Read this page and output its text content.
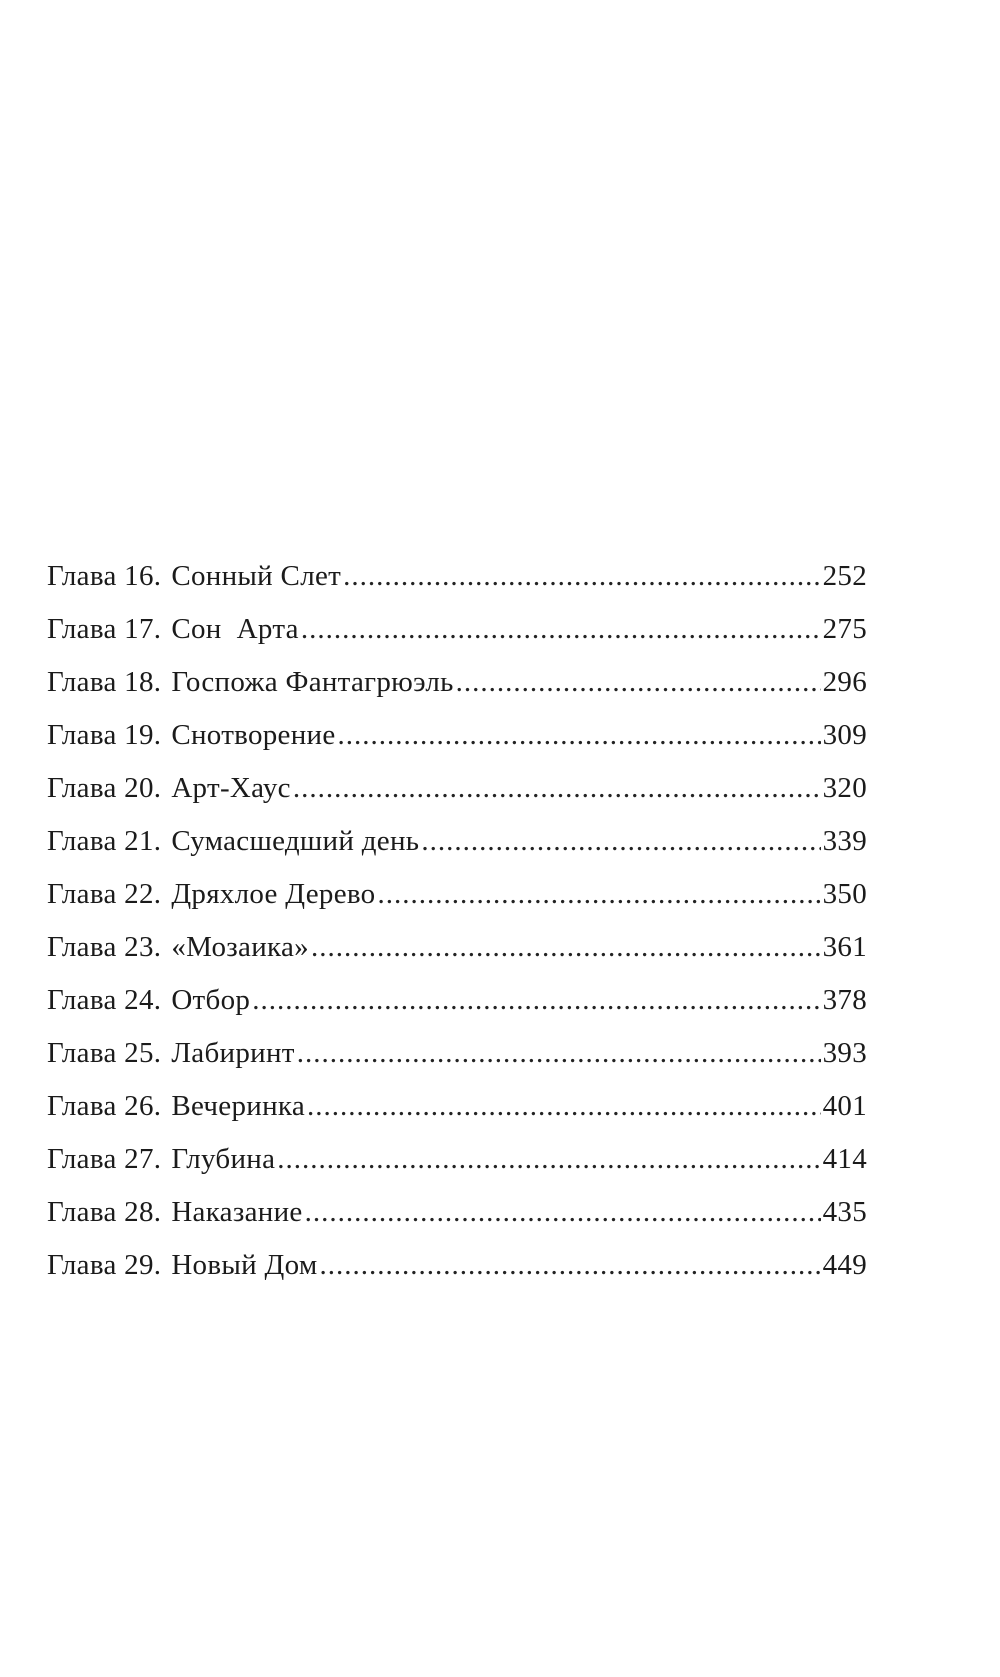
Глава 16. Сонный Слет .....	252
Глава 17. Сон  Арта .....	275
Глава 18. Госпожа Фантагрюэль .....	296
Глава 19. Снотворение .....	309
Глава 20. Арт-Хаус .....	320
Глава 21. Сумасшедший день .....	339
Глава 22. Дряхлое Дерево .....	350
Глава 23. «Мозаика» .....	361
Глава 24. Отбор .....	378
Глава 25. Лабиринт .....	393
Глава 26. Вечеринка .....	401
Глава 27. Глубина .....	414
Глава 28. Наказание .....	435
Глава 29. Новый Дом .....	449
